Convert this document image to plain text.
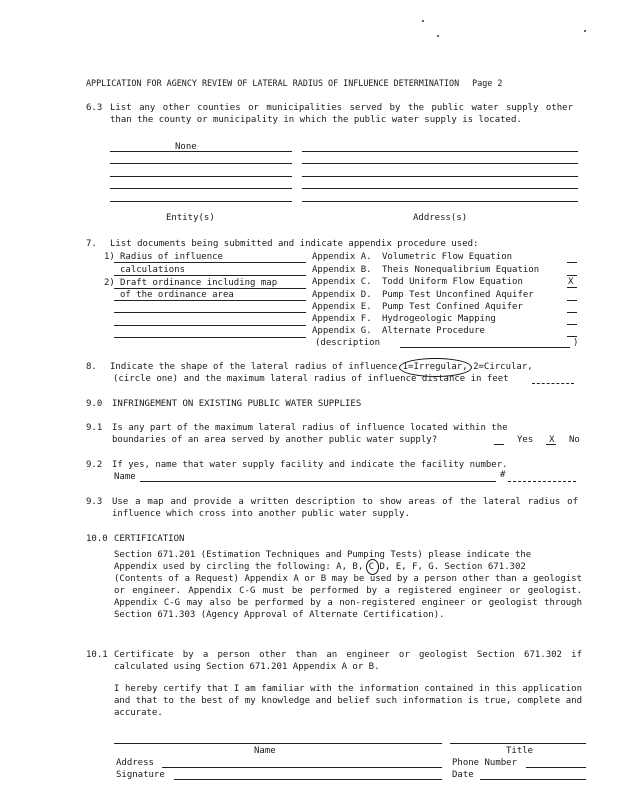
APPLICATION FOR AGENCY REVIEW OF LATERAL RADIUS OF INFLUENCE DETERMINATION Page 2
6.3 List any other counties or municipalities served by the public water supply other than the county or municipality in which the public water supply is located.
None
Entity(s)	Address(s)
7. List documents being submitted and indicate appendix procedure used:
1) Radius of influence
calculations
2) Draft ordinance including map
of the ordinance area
Appendix A. Volumetric Flow Equation
Appendix B. Theis Nonequalibrium Equation
Appendix C. Todd Uniform Flow Equation	X
Appendix D. Pump Test Unconfined Aquifer
Appendix E. Pump Test Confined Aquifer
Appendix F. Hydrogeologic Mapping
Appendix G. Alternate Procedure
(description	)
8. Indicate the shape of the lateral radius of influence 1=Irregular, 2=Circular,
(circle one) and the maximum lateral radius of influence distance in feet
9.0 INFRINGEMENT ON EXISTING PUBLIC WATER SUPPLIES
9.1 Is any part of the maximum lateral radius of influence located within the
boundaries of an area served by another public water supply?	Yes X No
9.2 If yes, name that water supply facility and indicate the facility number.
Name	#
9.3 Use a map and provide a written description to show areas of the lateral radius of influence which cross into another public water supply.
10.0 CERTIFICATION
Section 671.201 (Estimation Techniques and Pumping Tests) please indicate the
Appendix used by circling the following: A, B, C D, E, F, G. Section 671.302
(Contents of a Request) Appendix A or B may be used by a person other than a geologist or engineer. Appendix C-G must be performed by a registered engineer or geologist. Appendix C-G may also be performed by a non-registered engineer or geologist through Section 671.303 (Agency Approval of Alternate Certification).
10.1 Certificate by a person other than an engineer or geologist Section 671.302 if calculated using Section 671.201 Appendix A or B.
I hereby certify that I am familiar with the information contained in this application and that to the best of my knowledge and belief such information is true, complete and accurate.
Name	Title
Address	Phone Number
Signature	Date
